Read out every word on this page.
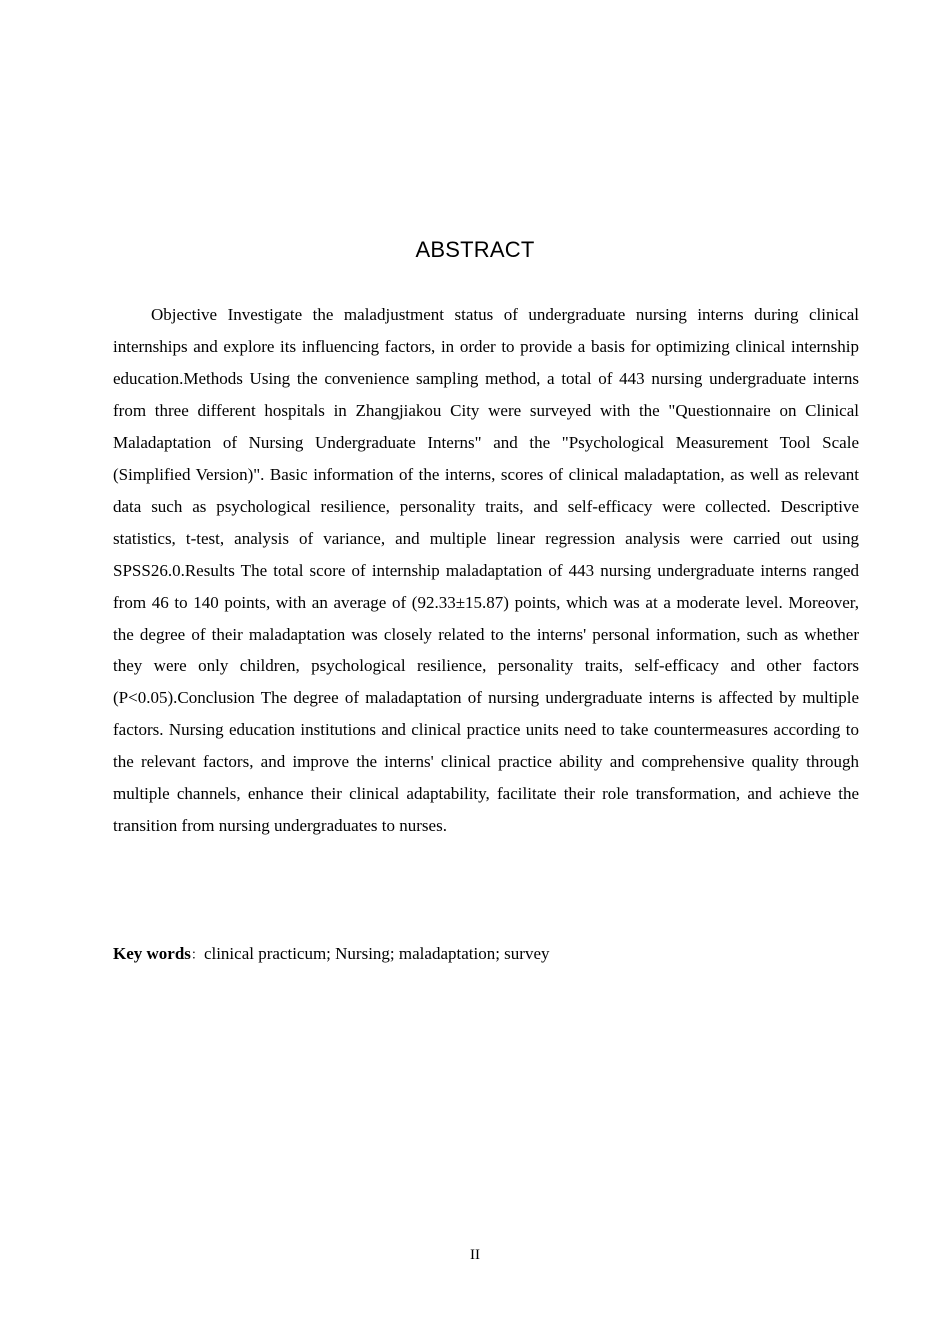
ABSTRACT

Objective Investigate the maladjustment status of undergraduate nursing interns during clinical internships and explore its influencing factors, in order to provide a basis for optimizing clinical internship education.Methods Using the convenience sampling method, a total of 443 nursing undergraduate interns from three different hospitals in Zhangjiakou City were surveyed with the "Questionnaire on Clinical Maladaptation of Nursing Undergraduate Interns" and the "Psychological Measurement Tool Scale (Simplified Version)". Basic information of the interns, scores of clinical maladaptation, as well as relevant data such as psychological resilience, personality traits, and self-efficacy were collected. Descriptive statistics, t-test, analysis of variance, and multiple linear regression analysis were carried out using SPSS26.0.Results The total score of internship maladaptation of 443 nursing undergraduate interns ranged from 46 to 140 points, with an average of (92.33±15.87) points, which was at a moderate level. Moreover, the degree of their maladaptation was closely related to the interns' personal information, such as whether they were only children, psychological resilience, personality traits, self-efficacy and other factors (P<0.05).Conclusion The degree of maladaptation of nursing undergraduate interns is affected by multiple factors. Nursing education institutions and clinical practice units need to take countermeasures according to the relevant factors, and improve the interns' clinical practice ability and comprehensive quality through multiple channels, enhance their clinical adaptability, facilitate their role transformation, and achieve the transition from nursing undergraduates to nurses.

Key words：clinical practicum; Nursing; maladaptation; survey

II
